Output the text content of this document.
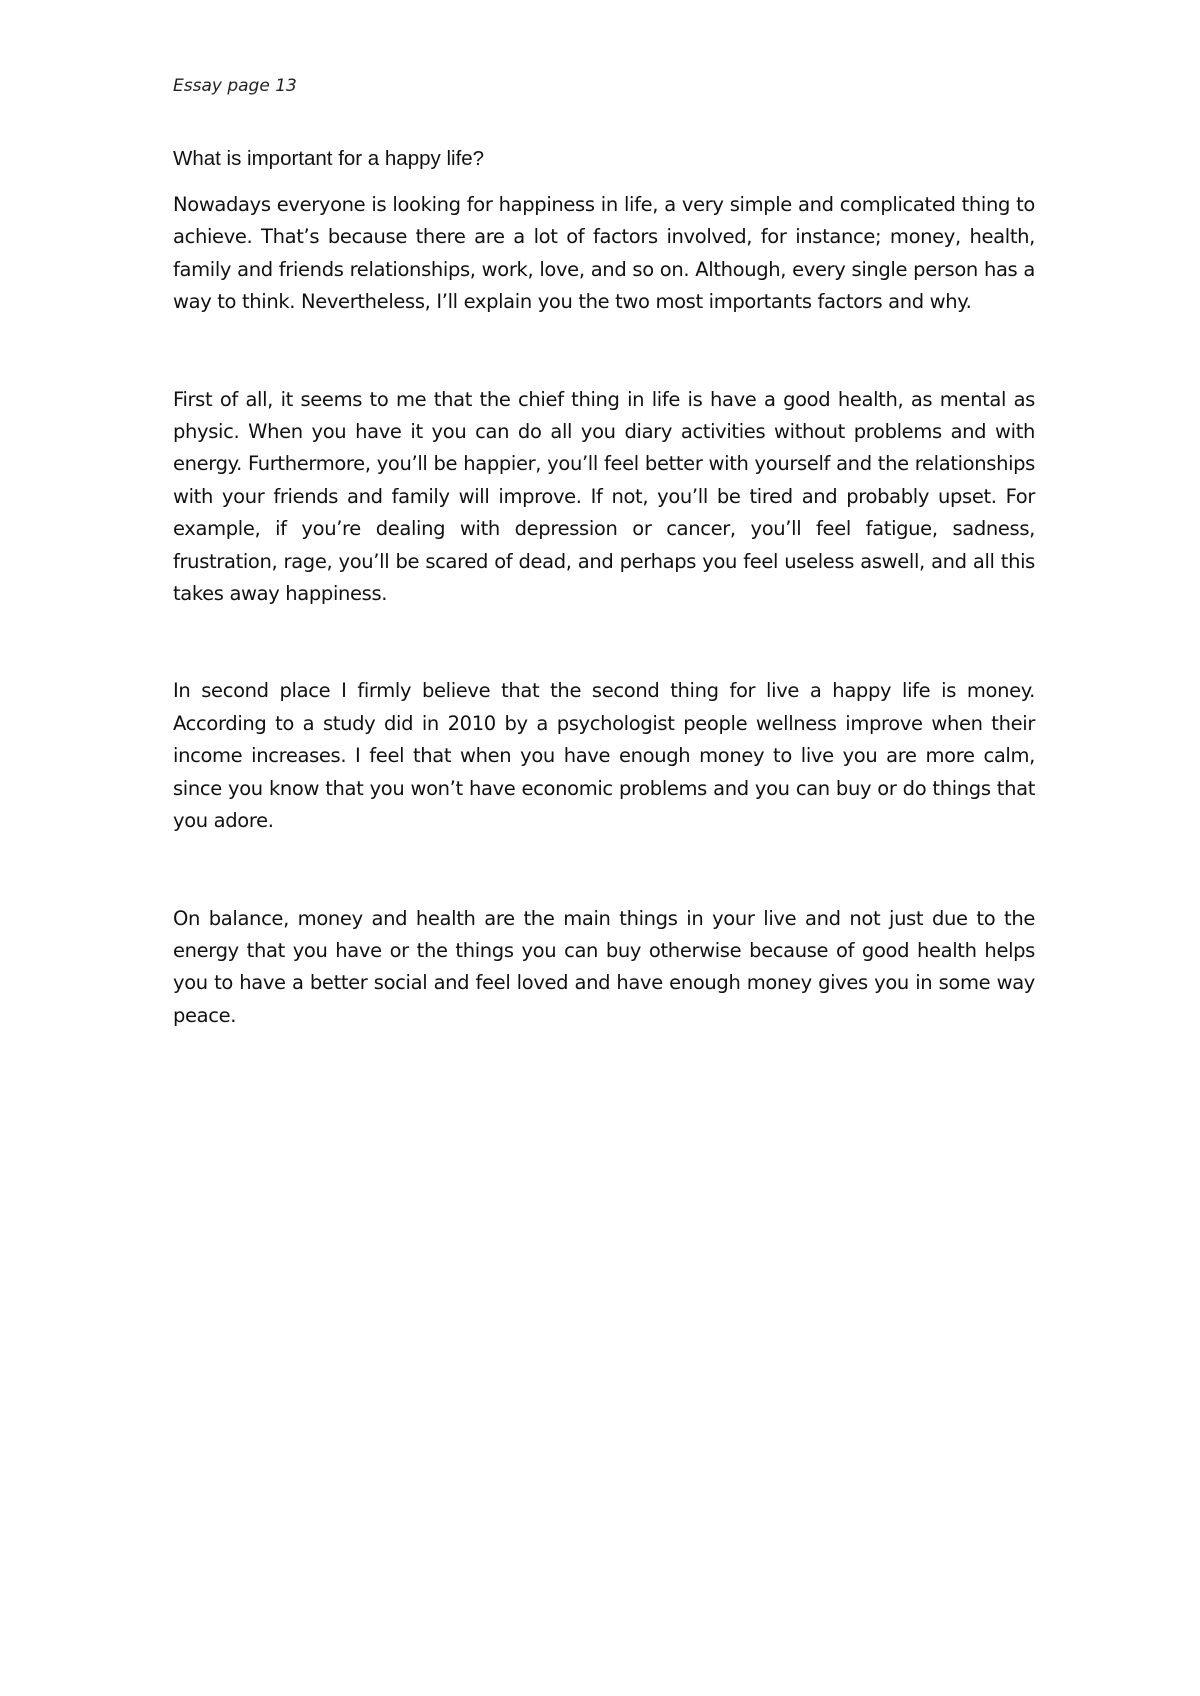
Essay page 13
What is important for a happy life?

Nowadays everyone is looking for happiness in life, a very simple and complicated thing to achieve. That’s because there are a lot of factors involved, for instance; money, health, family and friends relationships, work, love, and so on. Although, every single person has a way to think. Nevertheless, I’ll explain you the two most importants factors and why.

First of all, it seems to me that the chief thing in life is have a good health, as mental as physic. When you have it you can do all you diary activities without problems and with energy. Furthermore, you’ll be happier, you’ll feel better with yourself and the relationships with your friends and family will improve. If not, you’ll be tired and probably upset. For example, if you’re dealing with depression or cancer, you’ll feel fatigue, sadness, frustration, rage, you’ll be scared of dead, and perhaps you feel useless aswell, and all this takes away happiness.

In second place I firmly believe that the second thing for live a happy life is money. According to a study did in 2010 by a psychologist people wellness improve when their income increases. I feel that when you have enough money to live you are more calm, since you know that you won’t have economic problems and you can buy or do things that you adore.

On balance, money and health are the main things in your live and not just due to the energy that you have or the things you can buy otherwise because of good health helps you to have a better social and feel loved and have enough money gives you in some way peace.
